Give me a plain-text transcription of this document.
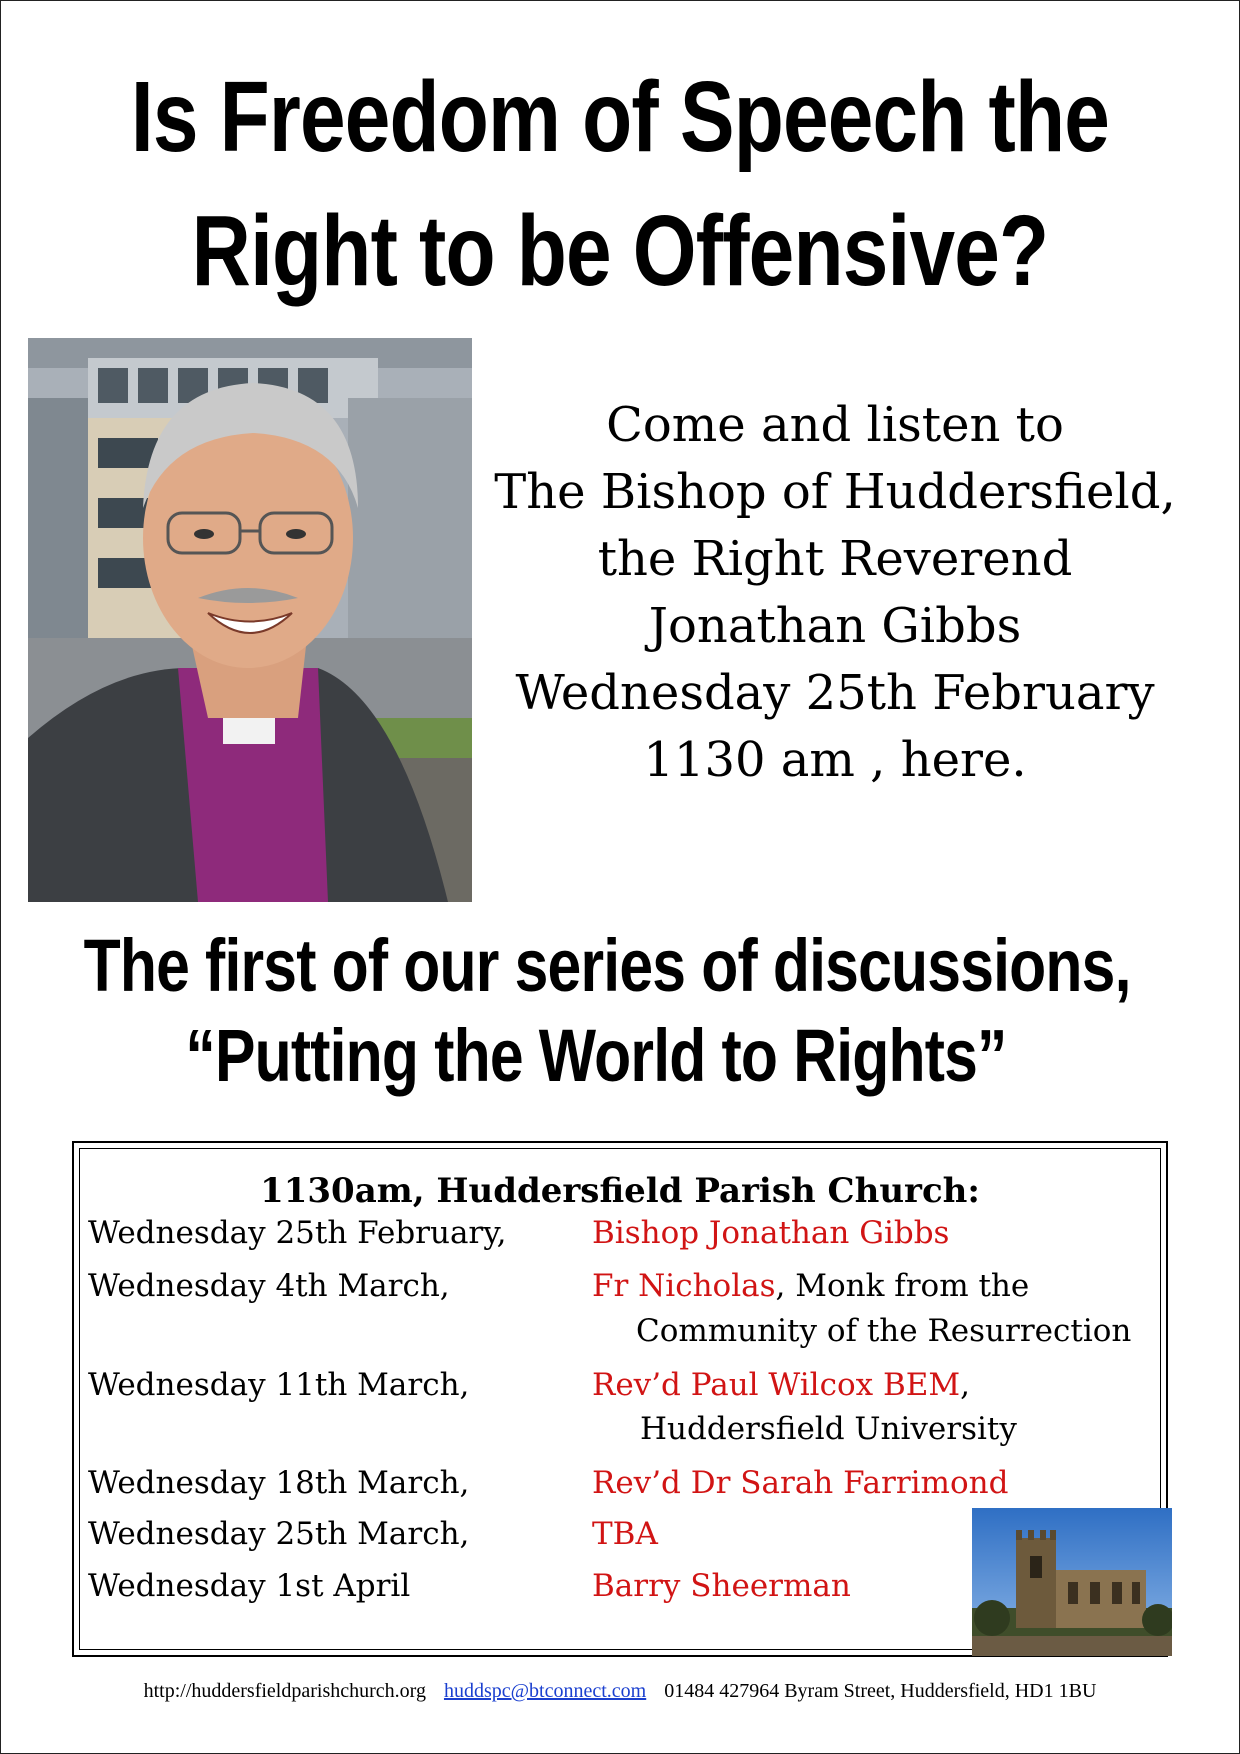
Is Freedom of Speech the
Right to be Offensive?
Come and listen to
The Bishop of Huddersfield,
the Right Reverend
Jonathan Gibbs
Wednesday 25th February
1130 am , here.
The first of our series of discussions,
“Putting the World to Rights”
1130am, Huddersfield Parish Church:
Wednesday 25th February,	Bishop Jonathan Gibbs
Wednesday 4th March,	Fr Nicholas, Monk from the
Community of the Resurrection
Wednesday 11th March,	Rev’d Paul Wilcox BEM,
Huddersfield University
Wednesday 18th March,	Rev’d Dr Sarah Farrimond
Wednesday 25th March,	TBA
Wednesday 1st April	Barry Sheerman
http://huddersfieldparishchurch.org huddspc@btconnect.com 01484 427964 Byram Street, Huddersfield, HD1 1BU
